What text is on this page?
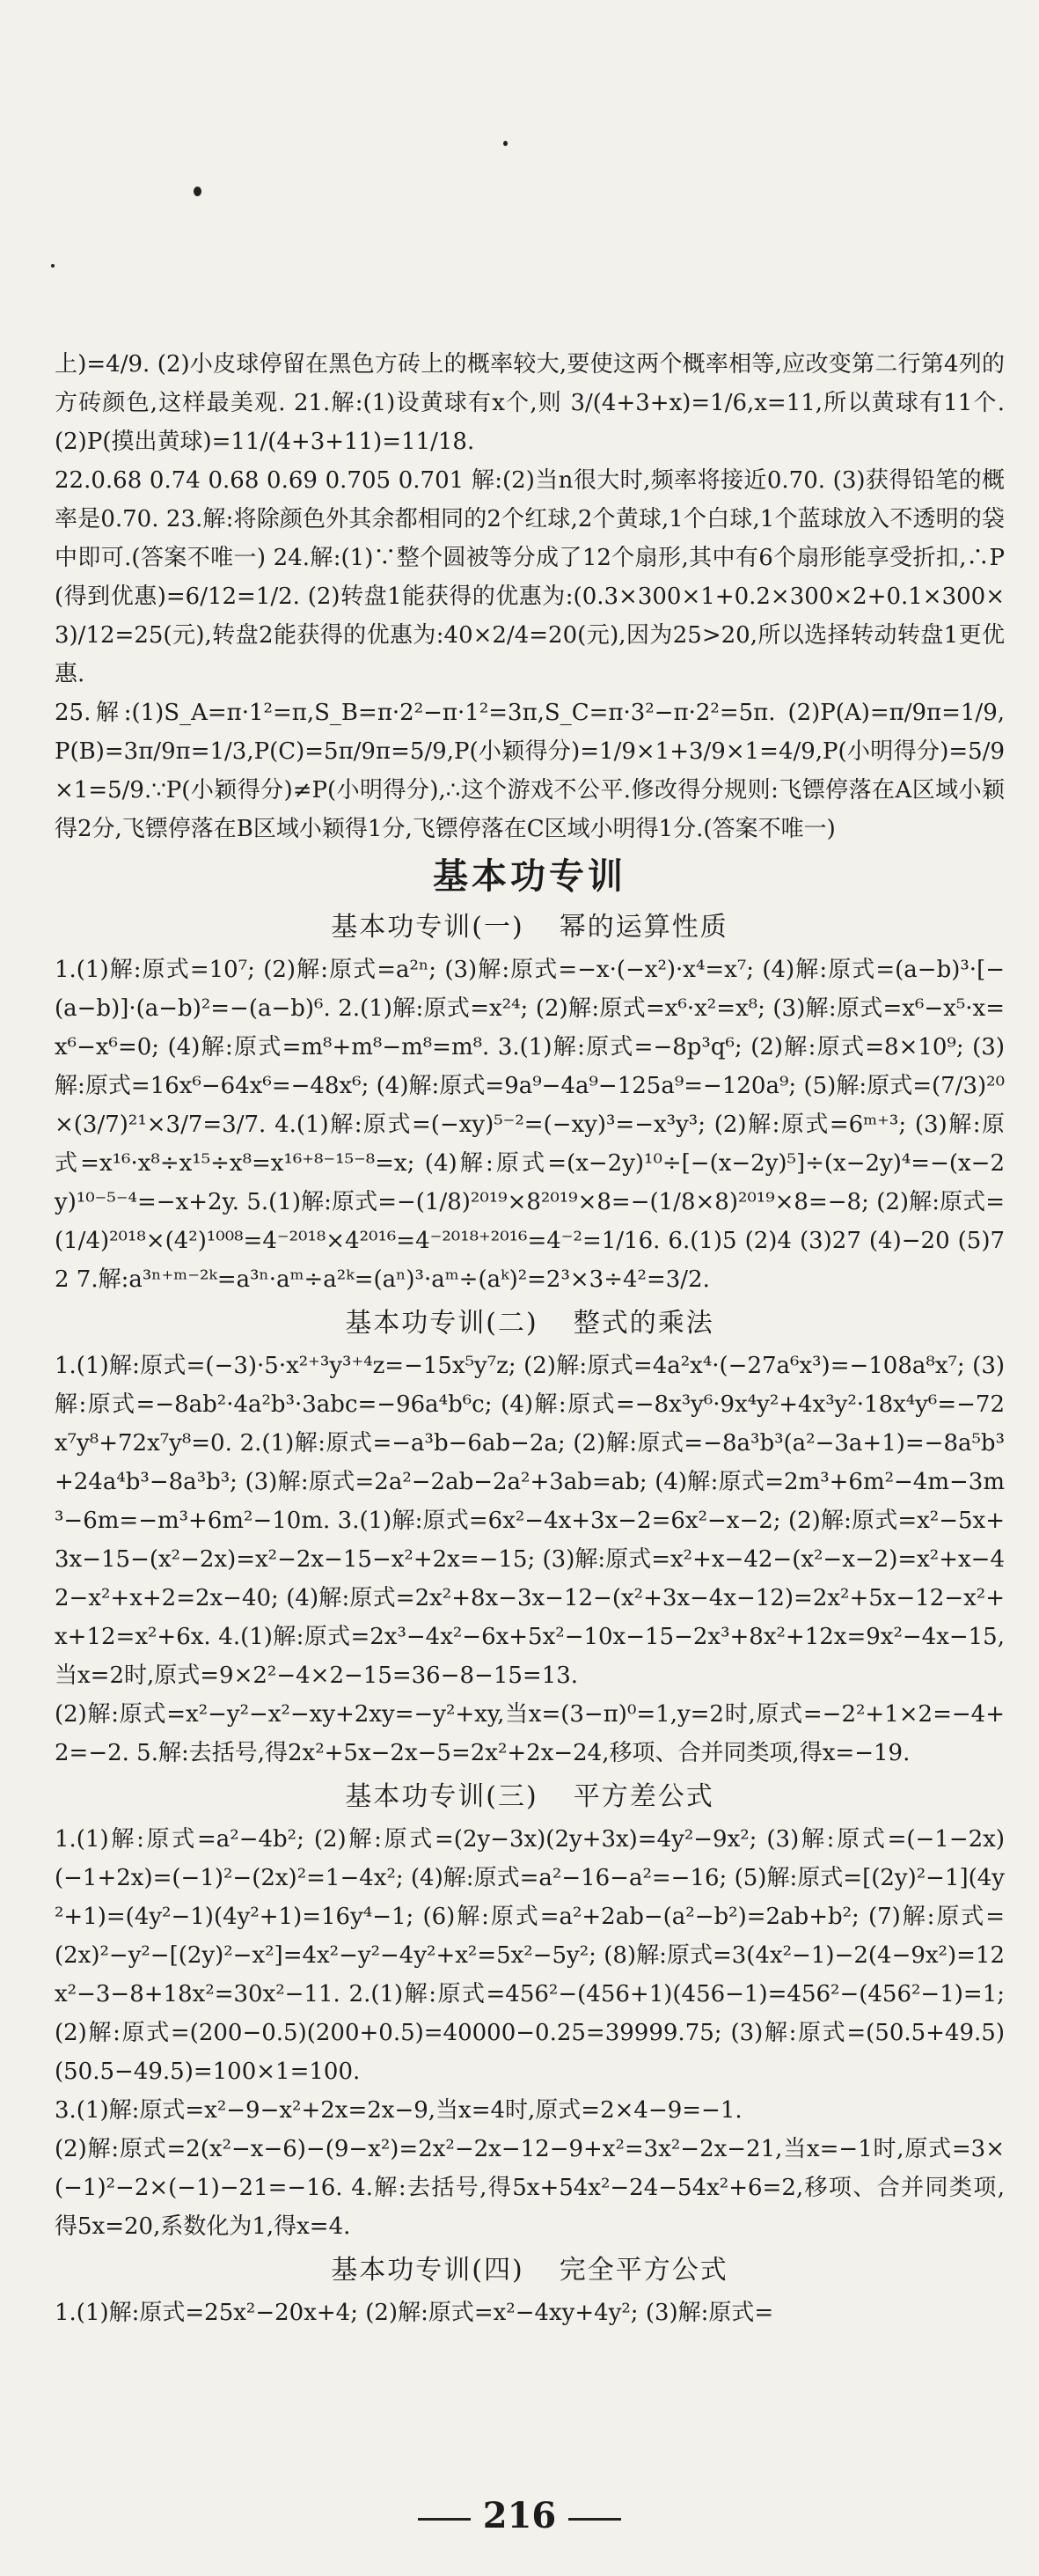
上)=4/9. (2)小皮球停留在黑色方砖上的概率较大,要使这两个概率相等,应改变第二行第4列的方砖颜色,这样最美观. 21.解:(1)设黄球有x个,则 3/(4+3+x)=1/6,x=11,所以黄球有11个. (2)P(摸出黄球)=11/(4+3+11)=11/18.

22.0.68 0.74 0.68 0.69 0.705 0.701 解:(2)当n很大时,频率将接近0.70. (3)获得铅笔的概率是0.70. 23.解:将除颜色外其余都相同的2个红球,2个黄球,1个白球,1个蓝球放入不透明的袋中即可.(答案不唯一) 24.解:(1)∵整个圆被等分成了12个扇形,其中有6个扇形能享受折扣,∴P(得到优惠)=6/12=1/2. (2)转盘1能获得的优惠为:(0.3×300×1+0.2×300×2+0.1×300×3)/12=25(元),转盘2能获得的优惠为:40×2/4=20(元),因为25>20,所以选择转动转盘1更优惠.

25.解:(1)S_A=π·1²=π,S_B=π·2²−π·1²=3π,S_C=π·3²−π·2²=5π. (2)P(A)=π/9π=1/9,P(B)=3π/9π=1/3,P(C)=5π/9π=5/9,P(小颖得分)=1/9×1+3/9×1=4/9,P(小明得分)=5/9×1=5/9.∵P(小颖得分)≠P(小明得分),∴这个游戏不公平.修改得分规则:飞镖停落在A区域小颖得2分,飞镖停落在B区域小颖得1分,飞镖停落在C区域小明得1分.(答案不唯一)

基本功专训
基本功专训(一) 幂的运算性质

1.(1)解:原式=10⁷; (2)解:原式=a²ⁿ; (3)解:原式=−x·(−x²)·x⁴=x⁷; (4)解:原式=(a−b)³·[−(a−b)]·(a−b)²=−(a−b)⁶. 2.(1)解:原式=x²⁴; (2)解:原式=x⁶·x²=x⁸; (3)解:原式=x⁶−x⁵·x=x⁶−x⁶=0; (4)解:原式=m⁸+m⁸−m⁸=m⁸. 3.(1)解:原式=−8p³q⁶; (2)解:原式=8×10⁹; (3)解:原式=16x⁶−64x⁶=−48x⁶; (4)解:原式=9a⁹−4a⁹−125a⁹=−120a⁹; (5)解:原式=(7/3)²⁰×(3/7)²¹×3/7=3/7. 4.(1)解:原式=(−xy)⁵⁻²=(−xy)³=−x³y³; (2)解:原式=6ᵐ⁺³; (3)解:原式=x¹⁶·x⁸÷x¹⁵÷x⁸=x¹⁶⁺⁸⁻¹⁵⁻⁸=x; (4)解:原式=(x−2y)¹⁰÷[−(x−2y)⁵]÷(x−2y)⁴=−(x−2y)¹⁰⁻⁵⁻⁴=−x+2y. 5.(1)解:原式=−(1/8)²⁰¹⁹×8²⁰¹⁹×8=−(1/8×8)²⁰¹⁹×8=−8; (2)解:原式=(1/4)²⁰¹⁸×(4²)¹⁰⁰⁸=4⁻²⁰¹⁸×4²⁰¹⁶=4⁻²⁰¹⁸⁺²⁰¹⁶=4⁻²=1/16. 6.(1)5 (2)4 (3)27 (4)−20 (5)72 7.解:a³ⁿ⁺ᵐ⁻²ᵏ=a³ⁿ·aᵐ÷a²ᵏ=(aⁿ)³·aᵐ÷(aᵏ)²=2³×3÷4²=3/2.

基本功专训(二) 整式的乘法

1.(1)解:原式=(−3)·5·x²⁺³y³⁺⁴z=−15x⁵y⁷z; (2)解:原式=4a²x⁴·(−27a⁶x³)=−108a⁸x⁷; (3)解:原式=−8ab²·4a²b³·3abc=−96a⁴b⁶c; (4)解:原式=−8x³y⁶·9x⁴y²+4x³y²·18x⁴y⁶=−72x⁷y⁸+72x⁷y⁸=0. 2.(1)解:原式=−a³b−6ab−2a; (2)解:原式=−8a³b³(a²−3a+1)=−8a⁵b³+24a⁴b³−8a³b³; (3)解:原式=2a²−2ab−2a²+3ab=ab; (4)解:原式=2m³+6m²−4m−3m³−6m=−m³+6m²−10m. 3.(1)解:原式=6x²−4x+3x−2=6x²−x−2; (2)解:原式=x²−5x+3x−15−(x²−2x)=x²−2x−15−x²+2x=−15; (3)解:原式=x²+x−42−(x²−x−2)=x²+x−42−x²+x+2=2x−40; (4)解:原式=2x²+8x−3x−12−(x²+3x−4x−12)=2x²+5x−12−x²+x+12=x²+6x. 4.(1)解:原式=2x³−4x²−6x+5x²−10x−15−2x³+8x²+12x=9x²−4x−15,当x=2时,原式=9×2²−4×2−15=36−8−15=13.

(2)解:原式=x²−y²−x²−xy+2xy=−y²+xy,当x=(3−π)⁰=1,y=2时,原式=−2²+1×2=−4+2=−2. 5.解:去括号,得2x²+5x−2x−5=2x²+2x−24,移项、合并同类项,得x=−19.

基本功专训(三) 平方差公式

1.(1)解:原式=a²−4b²; (2)解:原式=(2y−3x)(2y+3x)=4y²−9x²; (3)解:原式=(−1−2x)(−1+2x)=(−1)²−(2x)²=1−4x²; (4)解:原式=a²−16−a²=−16; (5)解:原式=[(2y)²−1](4y²+1)=(4y²−1)(4y²+1)=16y⁴−1; (6)解:原式=a²+2ab−(a²−b²)=2ab+b²; (7)解:原式=(2x)²−y²−[(2y)²−x²]=4x²−y²−4y²+x²=5x²−5y²; (8)解:原式=3(4x²−1)−2(4−9x²)=12x²−3−8+18x²=30x²−11. 2.(1)解:原式=456²−(456+1)(456−1)=456²−(456²−1)=1; (2)解:原式=(200−0.5)(200+0.5)=40000−0.25=39999.75; (3)解:原式=(50.5+49.5)(50.5−49.5)=100×1=100.

3.(1)解:原式=x²−9−x²+2x=2x−9,当x=4时,原式=2×4−9=−1.

(2)解:原式=2(x²−x−6)−(9−x²)=2x²−2x−12−9+x²=3x²−2x−21,当x=−1时,原式=3×(−1)²−2×(−1)−21=−16. 4.解:去括号,得5x+54x²−24−54x²+6=2,移项、合并同类项,得5x=20,系数化为1,得x=4.

基本功专训(四) 完全平方公式

1.(1)解:原式=25x²−20x+4; (2)解:原式=x²−4xy+4y²; (3)解:原式=

216
